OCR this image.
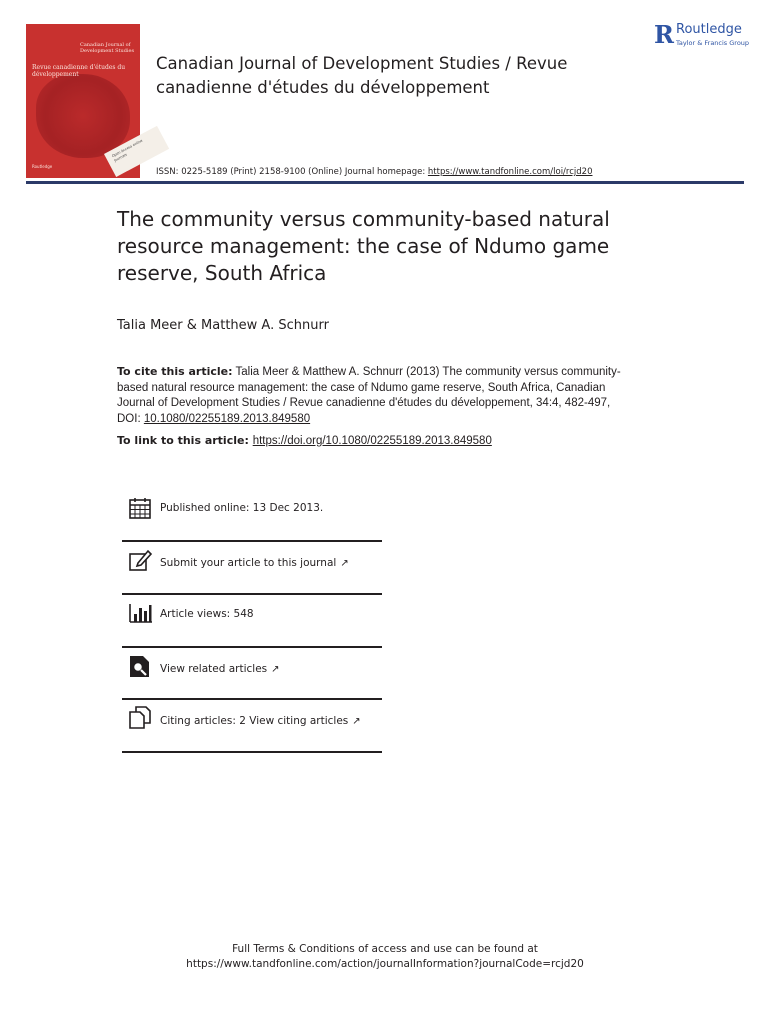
Canadian Journal of Development Studies
Revue canadienne d'études du développement
Routledge
Open Access online Journals
Canadian Journal of Development Studies / Revue
canadienne d'études du développement
R Routledge
Taylor & Francis Group
ISSN: 0225-5189 (Print) 2158-9100 (Online) Journal homepage: https://www.tandfonline.com/loi/rcjd20
The community versus community-based natural
resource management: the case of Ndumo game
reserve, South Africa
Talia Meer & Matthew A. Schnurr
To cite this article: Talia Meer & Matthew A. Schnurr (2013) The community versus community-
based natural resource management: the case of Ndumo game reserve, South Africa, Canadian
Journal of Development Studies / Revue canadienne d'études du développement, 34:4, 482-497,
DOI: 10.1080/02255189.2013.849580
To link to this article: https://doi.org/10.1080/02255189.2013.849580
Published online: 13 Dec 2013.
Submit your article to this journal ↗
Article views: 548
View related articles ↗
Citing articles: 2 View citing articles ↗
Full Terms & Conditions of access and use can be found at
https://www.tandfonline.com/action/journalInformation?journalCode=rcjd20
